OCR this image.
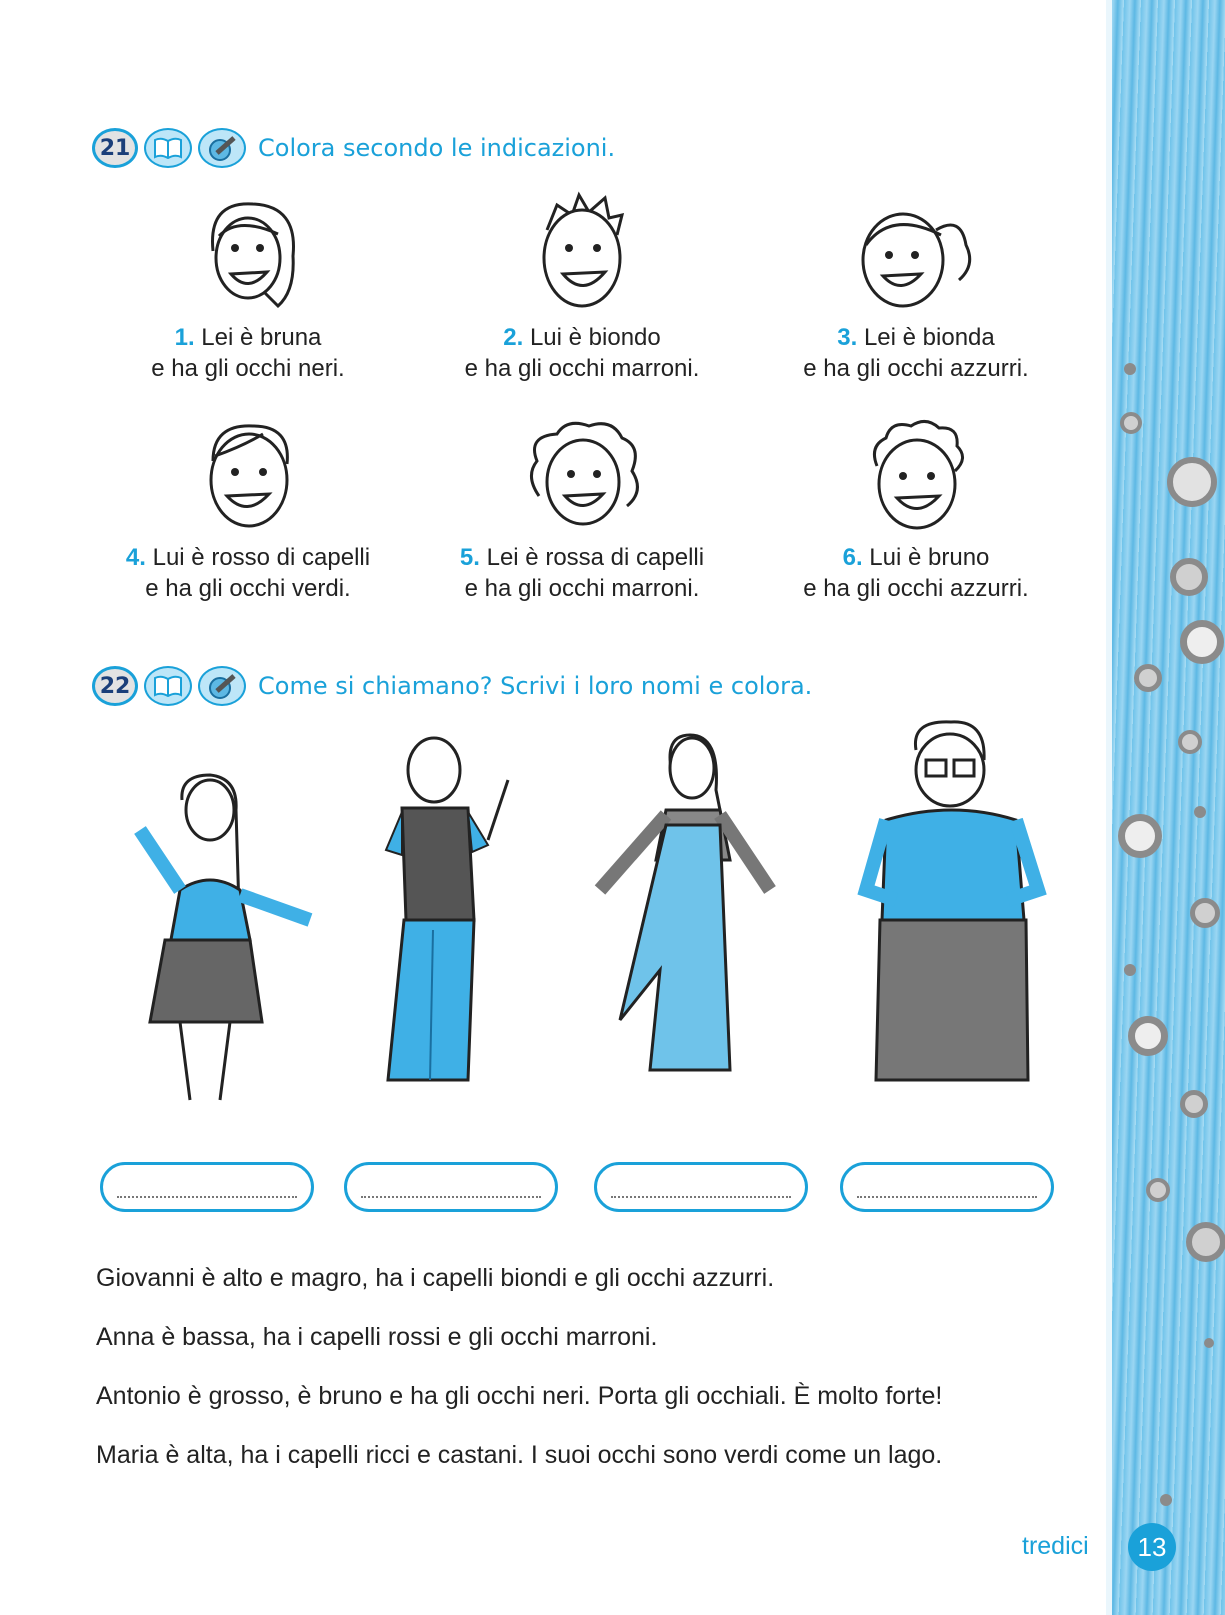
21	Colora secondo le indicazioni.
1. Lei è bruna
e ha gli occhi neri.
2. Lui è biondo
e ha gli occhi marroni.
3. Lei è bionda
e ha gli occhi azzurri.
4. Lui è rosso di capelli
e ha gli occhi verdi.
5. Lei è rossa di capelli
e ha gli occhi marroni.
6. Lui è bruno
e ha gli occhi azzurri.
22	Come si chiamano? Scrivi i loro nomi e colora.
Giovanni è alto e magro, ha i capelli biondi e gli occhi azzurri.
Anna è bassa, ha i capelli rossi e gli occhi marroni.
Antonio è grosso, è bruno e ha gli occhi neri. Porta gli occhiali. È molto forte!
Maria è alta, ha i capelli ricci e castani. I suoi occhi sono verdi come un lago.
tredici	13
